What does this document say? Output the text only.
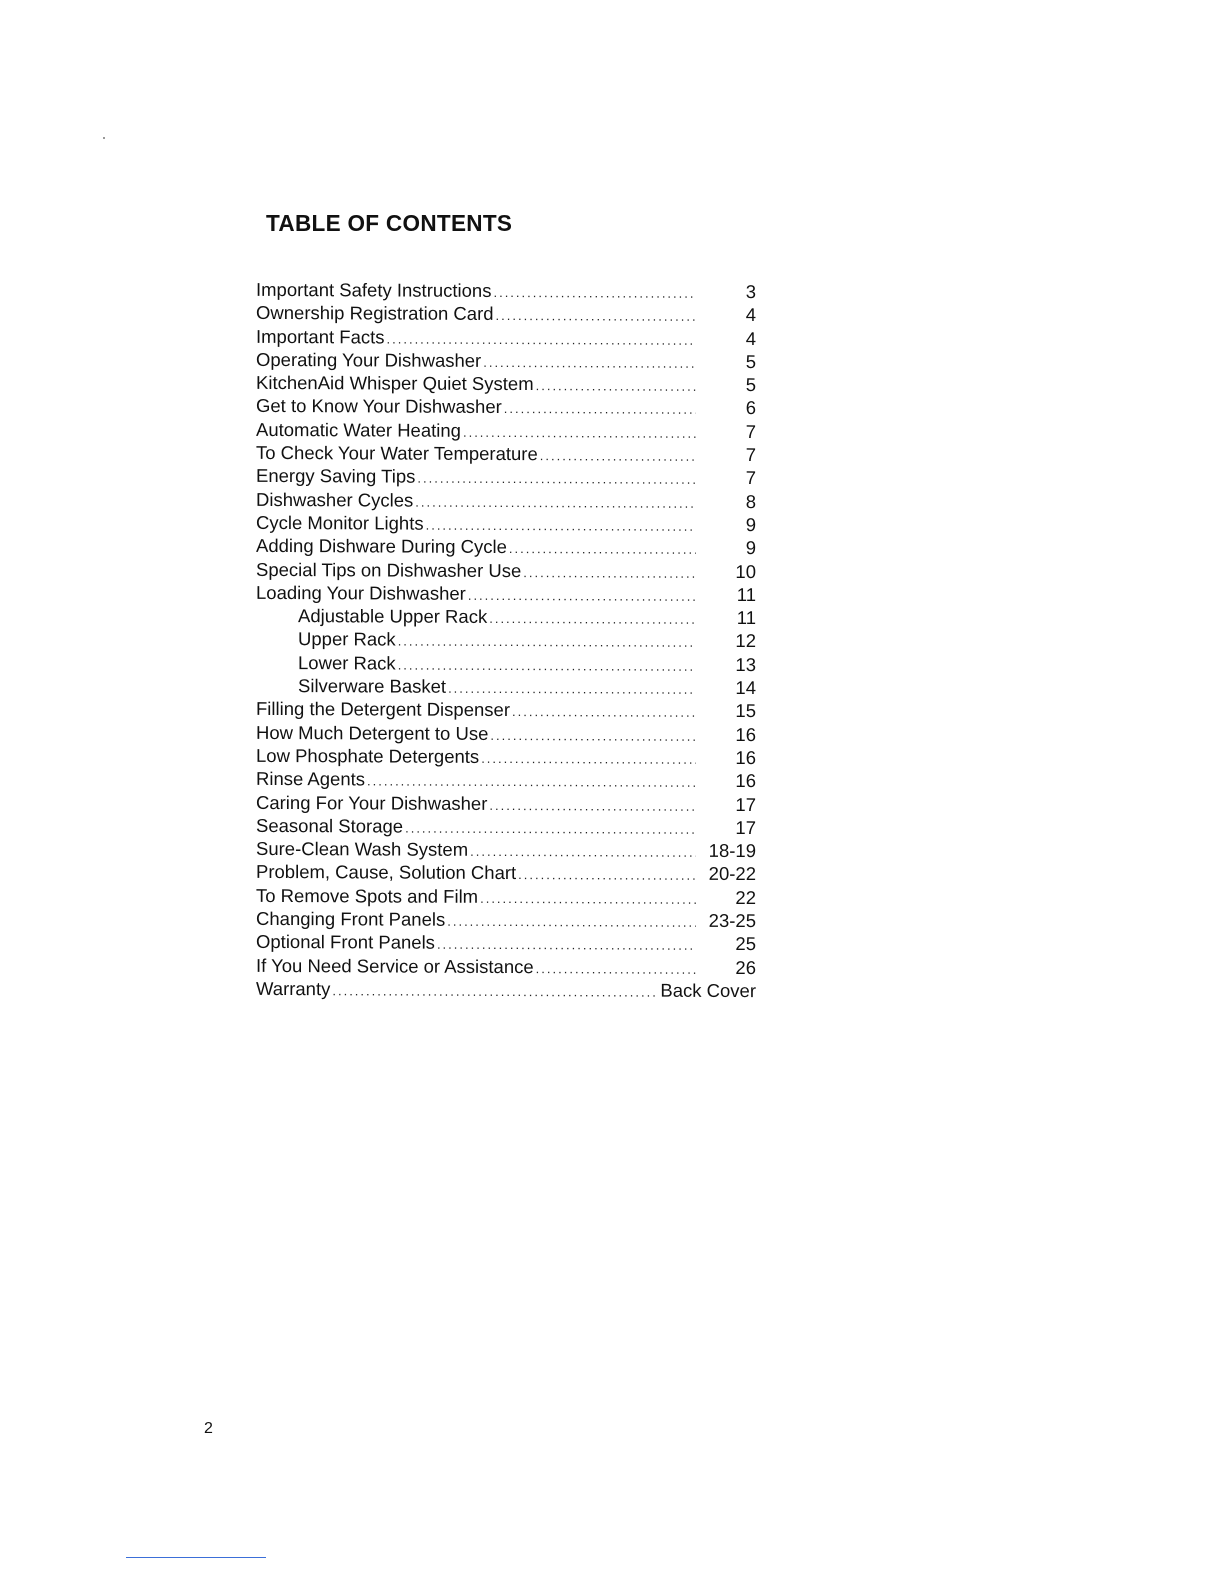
TABLE OF CONTENTS
Important Safety Instructions .....	3
Ownership Registration Card .....	4
Important Facts .....	4
Operating Your Dishwasher .....	5
KitchenAid Whisper Quiet System .....	5
Get to Know Your Dishwasher .....	6
Automatic Water Heating .....	7
To Check Your Water Temperature .....	7
Energy Saving Tips .....	7
Dishwasher Cycles .....	8
Cycle Monitor Lights .....	9
Adding Dishware During Cycle .....	9
Special Tips on Dishwasher Use .....	10
Loading Your Dishwasher .....	11
Adjustable Upper Rack .....	11
Upper Rack .....	12
Lower Rack .....	13
Silverware Basket .....	14
Filling the Detergent Dispenser .....	15
How Much Detergent to Use .....	16
Low Phosphate Detergents .....	16
Rinse Agents .....	16
Caring For Your Dishwasher .....	17
Seasonal Storage .....	17
Sure-Clean Wash System .....	18-19
Problem, Cause, Solution Chart .....	20-22
To Remove Spots and Film .....	22
Changing Front Panels .....	23-25
Optional Front Panels .....	25
If You Need Service or Assistance .....	26
Warranty .....	Back Cover
2
